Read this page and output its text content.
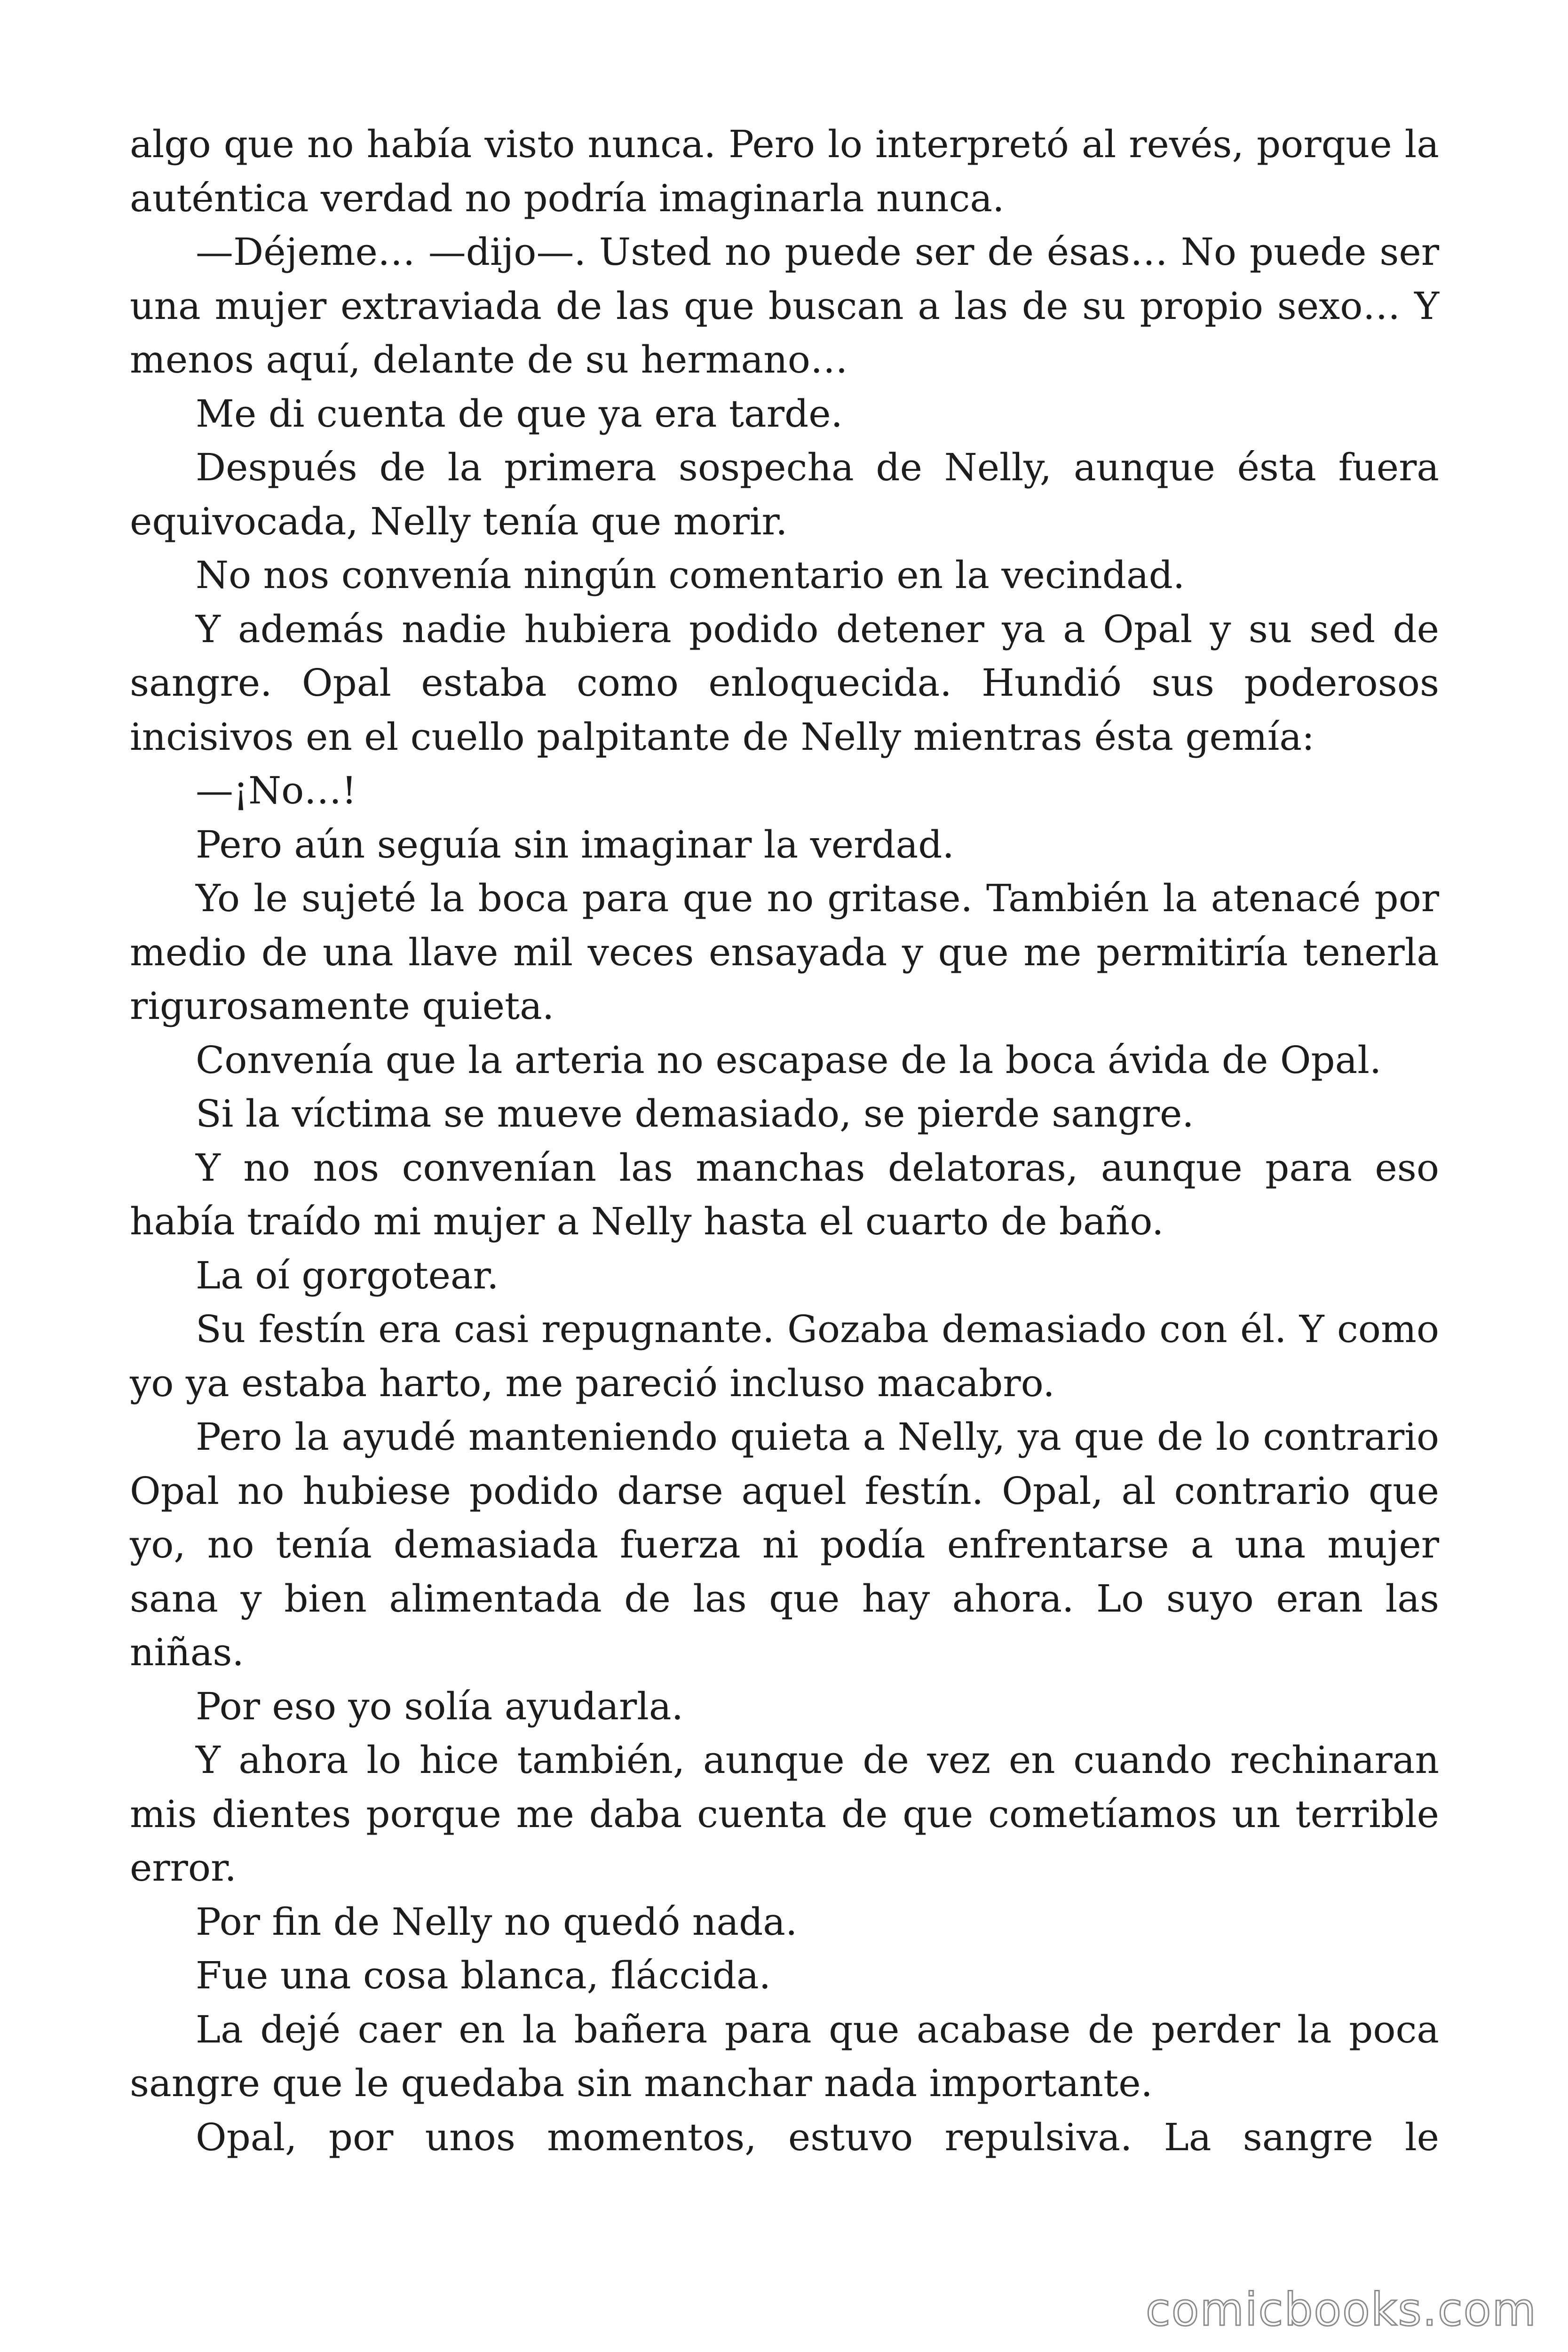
algo que no había visto nunca. Pero lo interpretó al revés, porque la auténtica verdad no podría imaginarla nunca.

—Déjeme… —dijo—. Usted no puede ser de ésas… No puede ser una mujer extraviada de las que buscan a las de su propio sexo… Y menos aquí, delante de su hermano…

Me di cuenta de que ya era tarde.

Después de la primera sospecha de Nelly, aunque ésta fuera equivocada, Nelly tenía que morir.

No nos convenía ningún comentario en la vecindad.

Y además nadie hubiera podido detener ya a Opal y su sed de sangre. Opal estaba como enloquecida. Hundió sus poderosos incisivos en el cuello palpitante de Nelly mientras ésta gemía:

—¡No…!

Pero aún seguía sin imaginar la verdad.

Yo le sujeté la boca para que no gritase. También la atenacé por medio de una llave mil veces ensayada y que me permitiría tenerla rigurosamente quieta.

Convenía que la arteria no escapase de la boca ávida de Opal.

Si la víctima se mueve demasiado, se pierde sangre.

Y no nos convenían las manchas delatoras, aunque para eso había traído mi mujer a Nelly hasta el cuarto de baño.

La oí gorgotear.

Su festín era casi repugnante. Gozaba demasiado con él. Y como yo ya estaba harto, me pareció incluso macabro.

Pero la ayudé manteniendo quieta a Nelly, ya que de lo contrario Opal no hubiese podido darse aquel festín. Opal, al contrario que yo, no tenía demasiada fuerza ni podía enfrentarse a una mujer sana y bien alimentada de las que hay ahora. Lo suyo eran las niñas.

Por eso yo solía ayudarla.

Y ahora lo hice también, aunque de vez en cuando rechinaran mis dientes porque me daba cuenta de que cometíamos un terrible error.

Por fin de Nelly no quedó nada.

Fue una cosa blanca, fláccida.

La dejé caer en la bañera para que acabase de perder la poca sangre que le quedaba sin manchar nada importante.

Opal, por unos momentos, estuvo repulsiva. La sangre le

comicbooks.com
